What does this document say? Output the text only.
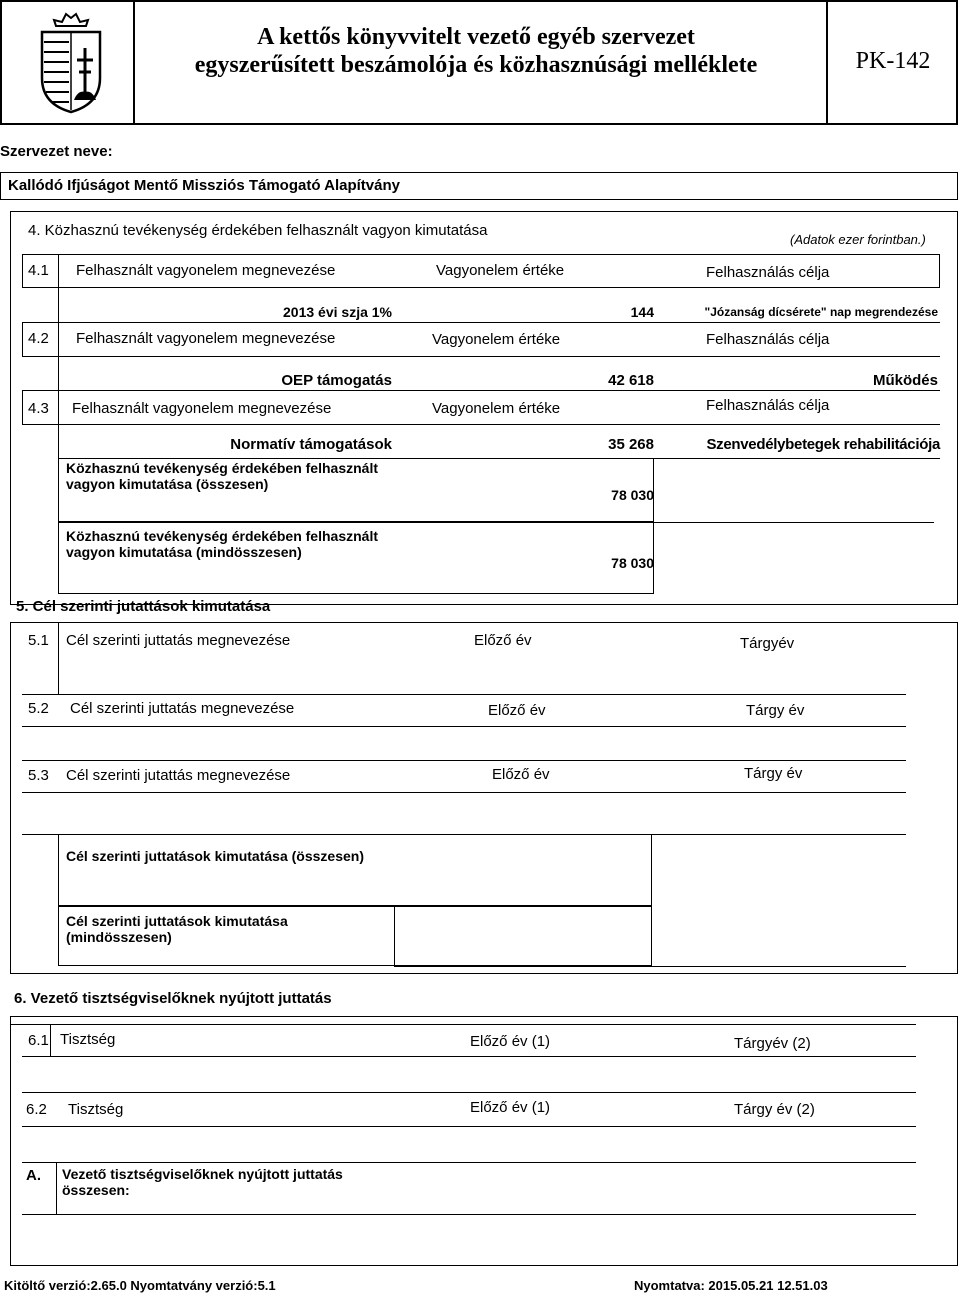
A kettős könyvvitelt vezető egyéb szervezet
egyszerűsített beszámolója és közhasznúsági melléklete	PK-142
Szervezet neve:
Kallódó Ifjúságot Mentő Missziós Támogató Alapítvány
4. Közhasznú tevékenység érdekében felhasznált vagyon kimutatása
(Adatok ezer forintban.)
4.1 Felhasznált vagyonelem megnevezése	Vagyonelem értéke	Felhasználás célja
2013 évi szja 1%	144	"Józanság dícsérete" nap megrendezése
4.2 Felhasznált vagyonelem megnevezése	Vagyonelem értéke	Felhasználás célja
OEP támogatás	42 618	Működés
4.3 Felhasznált vagyonelem megnevezése	Vagyonelem értéke	Felhasználás célja
Normatív támogatások	35 268	Szenvedélybetegek rehabilitációja
Közhasznú tevékenység érdekében felhasznált vagyon kimutatása (összesen)
78 030
Közhasznú tevékenység érdekében felhasznált vagyon kimutatása (mindösszesen)
78 030
5. Cél szerinti jutattások kimutatása
5.1 Cél szerinti juttatás megnevezése	Előző év	Tárgyév
5.2 Cél szerinti juttatás megnevezése	Előző év	Tárgy év
5.3 Cél szerinti jutattás megnevezése	Előző év	Tárgy év
Cél szerinti juttatások kimutatása (összesen)
Cél szerinti juttatások kimutatása (mindösszesen)
6. Vezető tisztségviselőknek nyújtott juttatás
6.1 Tisztség	Előző év (1)	Tárgyév (2)
6.2 Tisztség	Előző év (1)	Tárgy év (2)
A. Vezető tisztségviselőknek nyújtott juttatás összesen:
Kitöltő verzió:2.65.0 Nyomtatvány verzió:5.1	Nyomtatva: 2015.05.21 12.51.03
